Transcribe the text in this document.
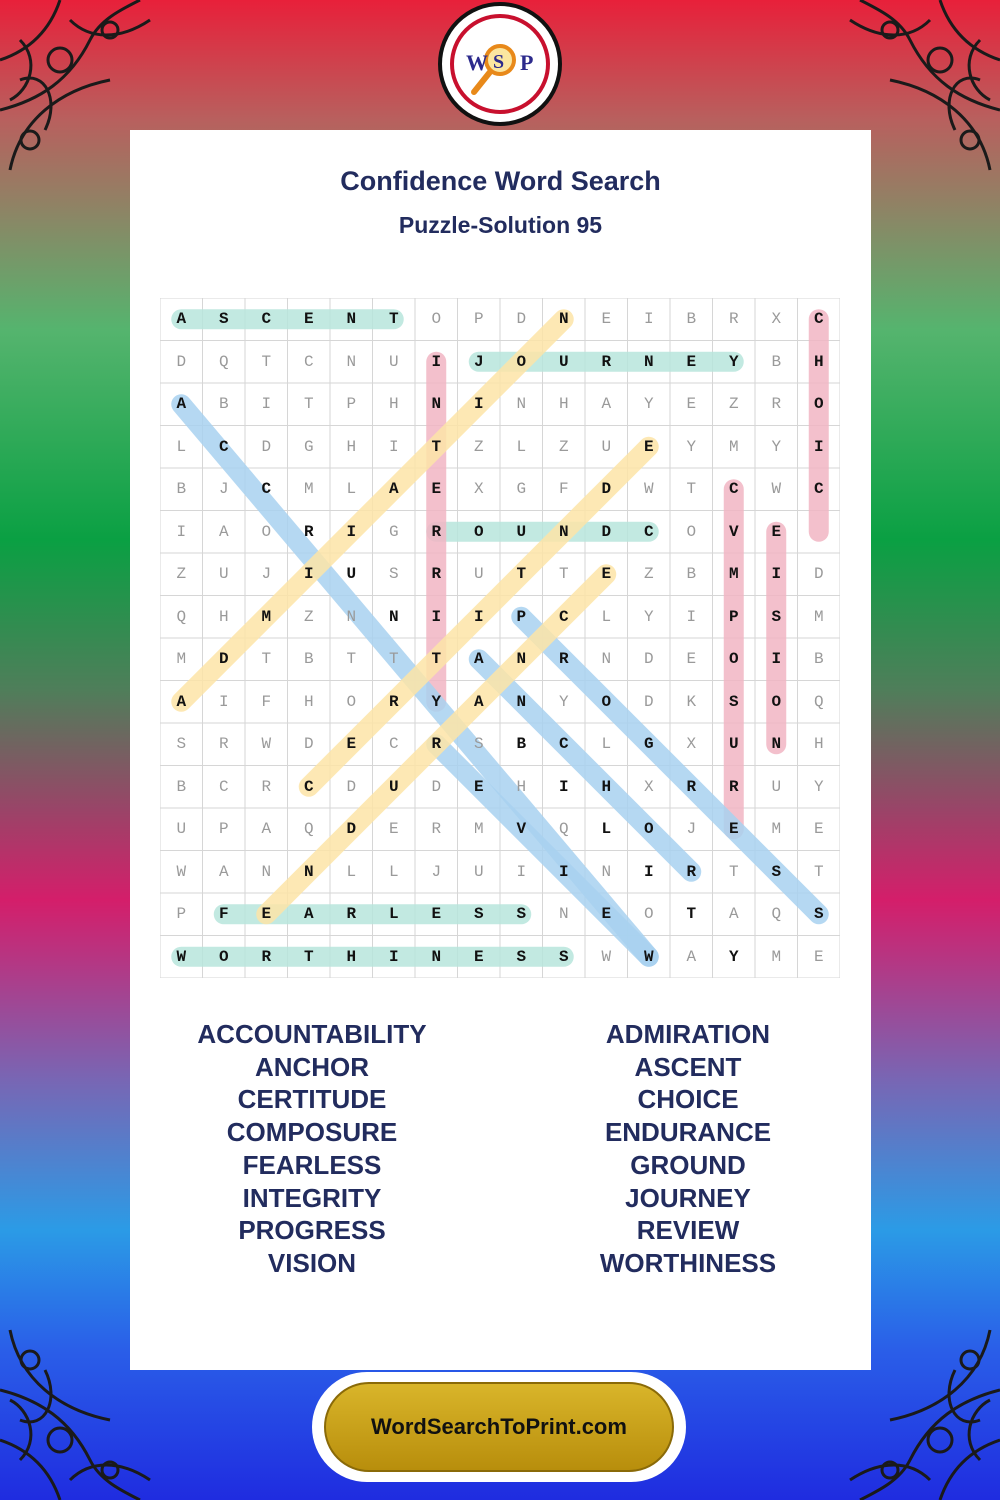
W S P
Confidence Word Search
Puzzle-Solution 95
A	S	C	E	N	T	O	P	D	N	E	I	B	R	X	C
D	Q	T	C	N	U	I	J	O	U	R	N	E	Y	B	H
A	B	I	T	P	H	N	I	N	H	A	Y	E	Z	R	O
L	C	D	G	H	I	T	Z	L	Z	U	E	Y	M	Y	I
B	J	C	M	L	A	E	X	G	F	D	W	T	C	W	C
I	A	O	R	I	G	R	O	U	N	D	C	O	V	E
Z	U	J	I	U	S	R	U	T	T	E	Z	B	M	I	D
Q	H	M	Z	N	N	I	I	P	C	L	Y	I	P	S	M
M	D	T	B	T	T	T	A	N	R	N	D	E	O	I	B
A	I	F	H	O	R	Y	A	N	Y	O	D	K	S	O	Q
S	R	W	D	E	C	R	S	B	C	L	G	X	U	N	H
B	C	R	C	D	U	D	E	H	I	H	X	R	R	U	Y
U	P	A	Q	D	E	R	M	V	Q	L	O	J	E	M	E
W	A	N	N	L	L	J	U	I	I	N	I	R	T	S	T
P	F	E	A	R	L	E	S	S	N	E	O	T	A	Q	S
W	O	R	T	H	I	N	E	S	S	W	W	A	Y	M	E
ACCOUNTABILITY
ANCHOR
CERTITUDE
COMPOSURE
FEARLESS
INTEGRITY
PROGRESS
VISION
ADMIRATION
ASCENT
CHOICE
ENDURANCE
GROUND
JOURNEY
REVIEW
WORTHINESS
WordSearchToPrint.com
